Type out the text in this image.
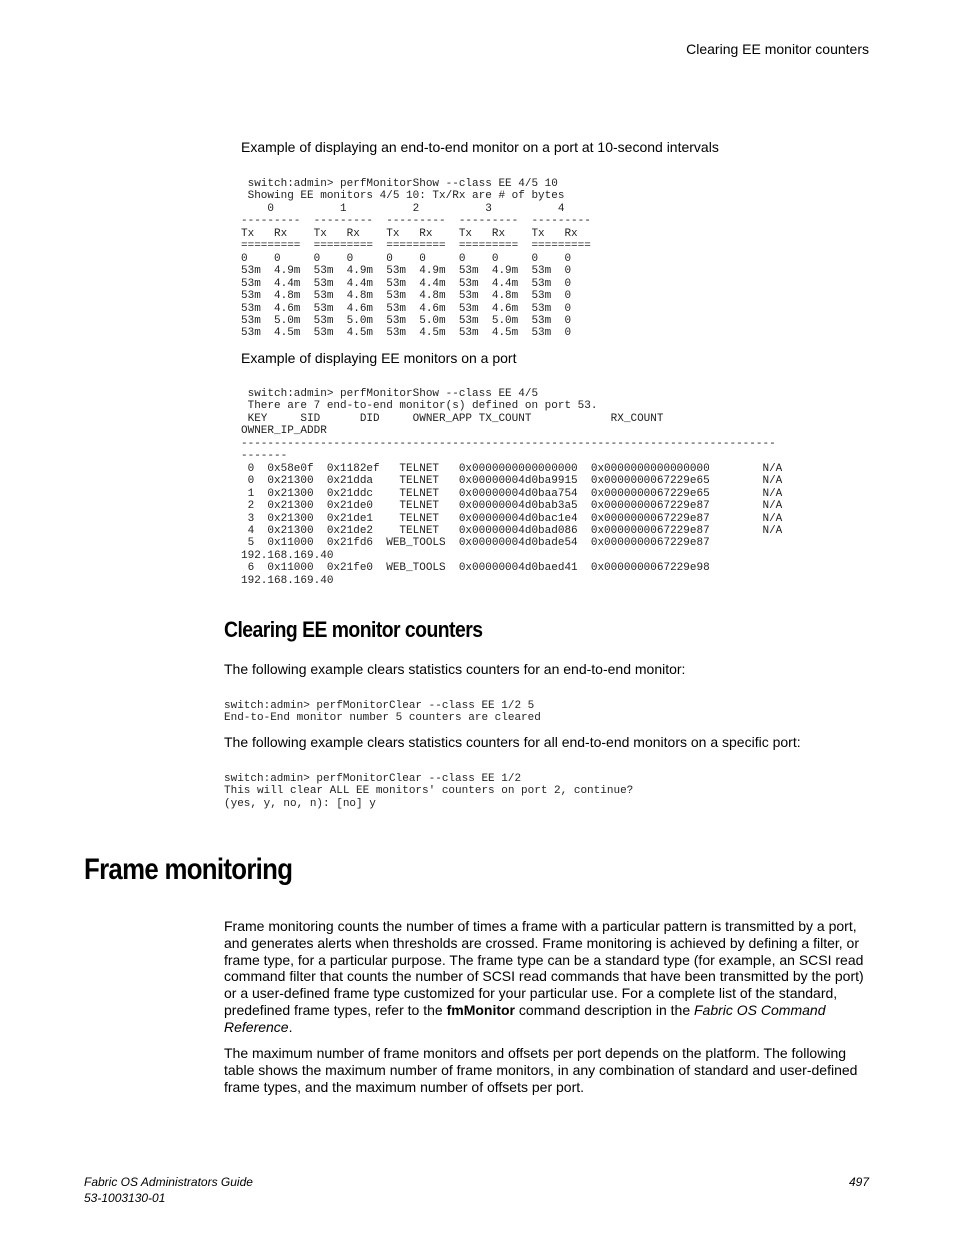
Clearing EE monitor counters
Example of displaying an end-to-end monitor on a port at 10-second intervals
switch:admin> perfMonitorShow --class EE 4/5 10
Showing EE monitors 4/5 10: Tx/Rx are # of bytes
0          1          2          3          4
---------  ---------  ---------  ---------  ---------
Tx   Rx    Tx   Rx    Tx   Rx    Tx   Rx    Tx   Rx
=========  =========  =========  =========  =========
0    0     0    0     0    0     0    0     0    0
53m  4.9m  53m  4.9m  53m  4.9m  53m  4.9m  53m  0
53m  4.4m  53m  4.4m  53m  4.4m  53m  4.4m  53m  0
53m  4.8m  53m  4.8m  53m  4.8m  53m  4.8m  53m  0
53m  4.6m  53m  4.6m  53m  4.6m  53m  4.6m  53m  0
53m  5.0m  53m  5.0m  53m  5.0m  53m  5.0m  53m  0
53m  4.5m  53m  4.5m  53m  4.5m  53m  4.5m  53m  0
Example of displaying EE monitors on a port
switch:admin> perfMonitorShow --class EE 4/5
There are 7 end-to-end monitor(s) defined on port 53.
KEY     SID      DID     OWNER_APP TX_COUNT            RX_COUNT
OWNER_IP_ADDR
---------------------------------------------------------------------------------
-------
0  0x58e0f  0x1182ef   TELNET   0x0000000000000000  0x0000000000000000        N/A
0  0x21300  0x21dda    TELNET   0x00000004d0ba9915  0x0000000067229e65        N/A
1  0x21300  0x21ddc    TELNET   0x00000004d0baa754  0x0000000067229e65        N/A
2  0x21300  0x21de0    TELNET   0x00000004d0bab3a5  0x0000000067229e87        N/A
3  0x21300  0x21de1    TELNET   0x00000004d0bac1e4  0x0000000067229e87        N/A
4  0x21300  0x21de2    TELNET   0x00000004d0bad086  0x0000000067229e87        N/A
5  0x11000  0x21fd6  WEB_TOOLS  0x00000004d0bade54  0x0000000067229e87
192.168.169.40
6  0x11000  0x21fe0  WEB_TOOLS  0x00000004d0baed41  0x0000000067229e98
192.168.169.40
Clearing EE monitor counters
The following example clears statistics counters for an end-to-end monitor:
switch:admin> perfMonitorClear --class EE 1/2 5
End-to-End monitor number 5 counters are cleared
The following example clears statistics counters for all end-to-end monitors on a specific port:
switch:admin> perfMonitorClear --class EE 1/2
This will clear ALL EE monitors' counters on port 2, continue?
(yes, y, no, n): [no] y
Frame monitoring
Frame monitoring counts the number of times a frame with a particular pattern is transmitted by a port, and generates alerts when thresholds are crossed. Frame monitoring is achieved by defining a filter, or frame type, for a particular purpose. The frame type can be a standard type (for example, an SCSI read command filter that counts the number of SCSI read commands that have been transmitted by the port) or a user-defined frame type customized for your particular use. For a complete list of the standard, predefined frame types, refer to the fmMonitor command description in the Fabric OS Command Reference.
The maximum number of frame monitors and offsets per port depends on the platform. The following table shows the maximum number of frame monitors, in any combination of standard and user-defined frame types, and the maximum number of offsets per port.
Fabric OS Administrators Guide
53-1003130-01
497
